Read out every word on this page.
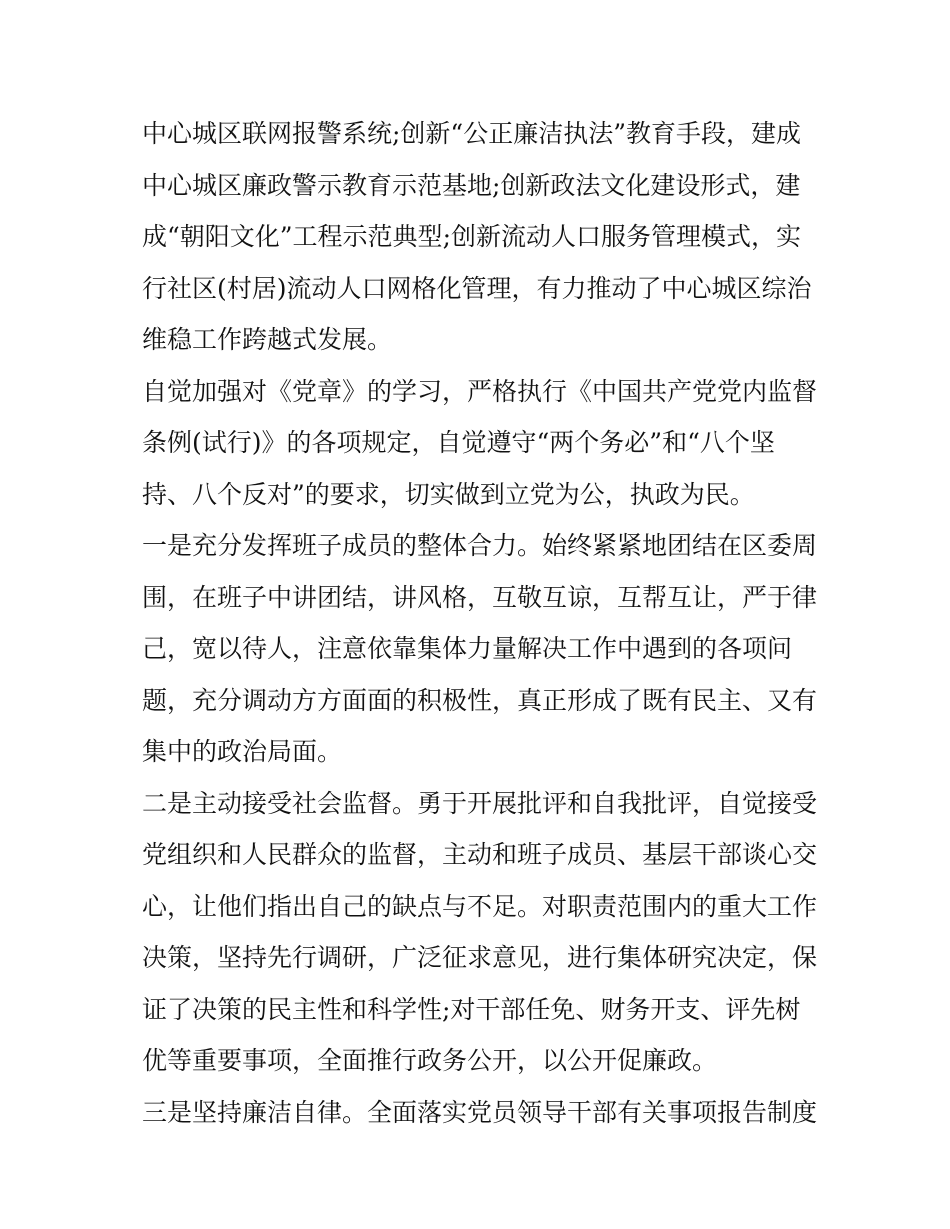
中心城区联网报警系统;创新“公正廉洁执法”教育手段，建成
中心城区廉政警示教育示范基地;创新政法文化建设形式，建
成“朝阳文化”工程示范典型;创新流动人口服务管理模式，实
行社区(村居)流动人口网格化管理，有力推动了中心城区综治
维稳工作跨越式发展。
自觉加强对《党章》的学习，严格执行《中国共产党党内监督
条例(试行)》的各项规定，自觉遵守“两个务必”和“八个坚
持、八个反对”的要求，切实做到立党为公，执政为民。
一是充分发挥班子成员的整体合力。始终紧紧地团结在区委周
围，在班子中讲团结，讲风格，互敬互谅，互帮互让，严于律
己，宽以待人，注意依靠集体力量解决工作中遇到的各项问
题，充分调动方方面面的积极性，真正形成了既有民主、又有
集中的政治局面。
二是主动接受社会监督。勇于开展批评和自我批评，自觉接受
党组织和人民群众的监督，主动和班子成员、基层干部谈心交
心，让他们指出自己的缺点与不足。对职责范围内的重大工作
决策，坚持先行调研，广泛征求意见，进行集体研究决定，保
证了决策的民主性和科学性;对干部任免、财务开支、评先树
优等重要事项，全面推行政务公开，以公开促廉政。
三是坚持廉洁自律。全面落实党员领导干部有关事项报告制度
